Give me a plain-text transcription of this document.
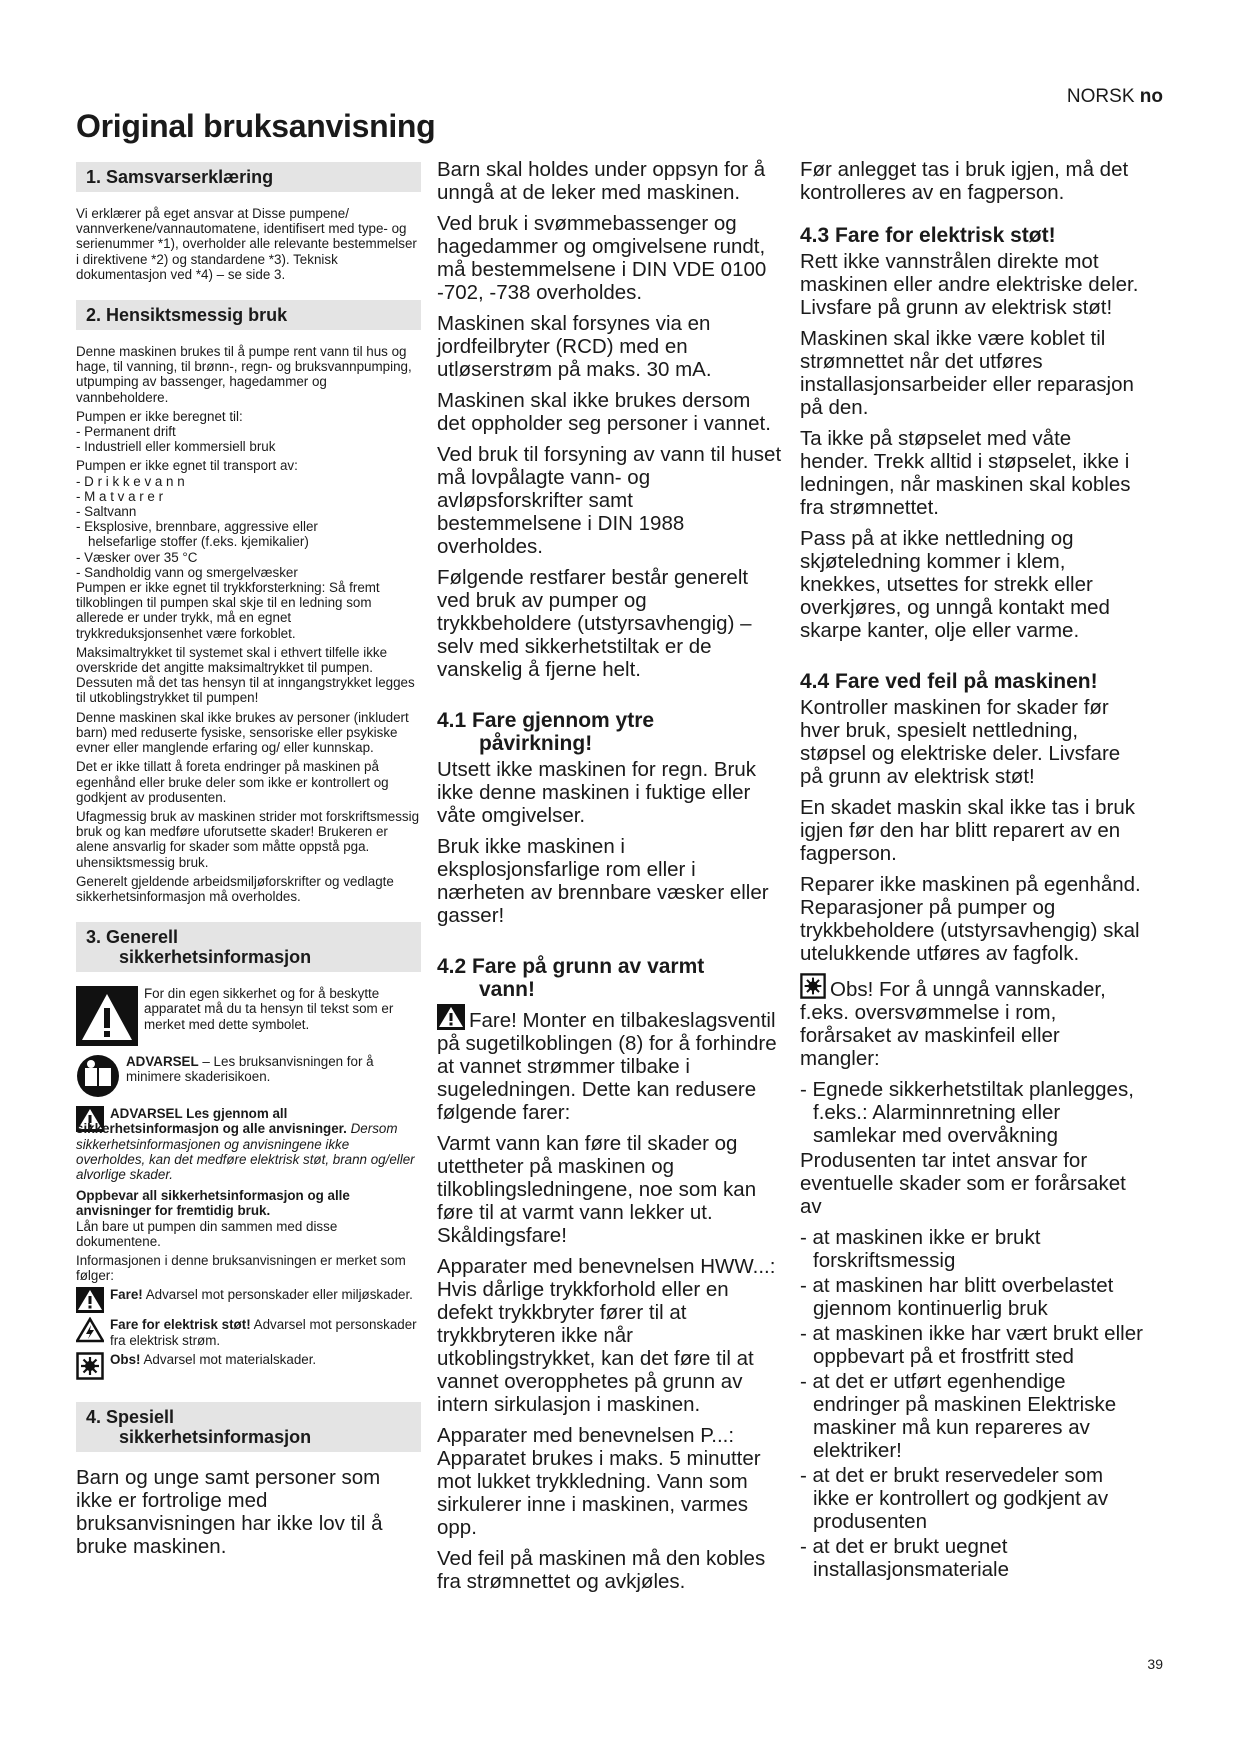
NORSK no
Original bruksanvisning
1. Samsvarserklæring

Vi erklærer på eget ansvar at Disse pumpene/ vannverkene/vannautomatene, identifisert med type- og serienummer *1), overholder alle relevante bestemmelser i direktivene *2) og standardene *3). Teknisk dokumentasjon ved *4) – se side 3.

2. Hensiktsmessig bruk

Denne maskinen brukes til å pumpe rent vann til hus og hage, til vanning, til brønn-, regn- og bruksvannpumping, utpumping av bassenger, hagedammer og vannbeholdere.

Pumpen er ikke beregnet til:

- Permanent drift

- Industriell eller kommersiell bruk

Pumpen er ikke egnet til transport av:

- D r i k k e v a n n

- M a t v a r e r

- Saltvann

- Eksplosive, brennbare, aggressive eller

helsefarlige stoffer (f.eks. kjemikalier)

- Væsker over 35 °C

- Sandholdig vann og smergelvæsker

Pumpen er ikke egnet til trykkforsterkning: Så fremt tilkoblingen til pumpen skal skje til en ledning som allerede er under trykk, må en egnet trykkreduksjonsenhet være forkoblet.

Maksimaltrykket til systemet skal i ethvert tilfelle ikke overskride det angitte maksimaltrykket til pumpen. Dessuten må det tas hensyn til at inngangstrykket legges til utkoblingstrykket til pumpen!

Denne maskinen skal ikke brukes av personer (inkludert barn) med reduserte fysiske, sensoriske eller psykiske evner eller manglende erfaring og/ eller kunnskap.

Det er ikke tillatt å foreta endringer på maskinen på egenhånd eller bruke deler som ikke er kontrollert og godkjent av produsenten.

Ufagmessig bruk av maskinen strider mot forskriftsmessig bruk og kan medføre uforutsette skader! Brukeren er alene ansvarlig for skader som måtte oppstå pga. uhensiktsmessig bruk.

Generelt gjeldende arbeidsmiljøforskrifter og vedlagte sikkerhetsinformasjon må overholdes.

3. Generell
sikkerhetsinformasjon
For din egen sikkerhet og for å beskytte apparatet må du ta hensyn til tekst som er merket med dette symbolet.
ADVARSEL – Les bruksanvisningen for å minimere skaderisikoen.
ADVARSEL Les gjennom all sikkerhetsinformasjon og alle anvisninger. Dersom sikkerhetsinformasjonen og anvisningene ikke overholdes, kan det medføre elektrisk støt, brann og/eller alvorlige skader.

Oppbevar all sikkerhetsinformasjon og alle anvisninger for fremtidig bruk.
Lån bare ut pumpen din sammen med disse dokumentene.

Informasjonen i denne bruksanvisningen er merket som følger:

Fare! Advarsel mot personskader eller miljøskader.
Fare for elektrisk støt! Advarsel mot personskader fra elektrisk strøm.
Obs! Advarsel mot materialskader.
4. Spesiell
sikkerhetsinformasjon

Barn og unge samt personer som ikke er fortrolige med bruksanvisningen har ikke lov til å bruke maskinen.

Barn skal holdes under oppsyn for å unngå at de leker med maskinen.

Ved bruk i svømmebassenger og hagedammer og omgivelsene rundt, må bestemmelsene i DIN VDE 0100 -702, -738 overholdes.

Maskinen skal forsynes via en jordfeilbryter (RCD) med en utløserstrøm på maks. 30 mA.

Maskinen skal ikke brukes dersom det oppholder seg personer i vannet.

Ved bruk til forsyning av vann til huset må lovpålagte vann- og avløpsforskrifter samt bestemmelsene i DIN 1988 overholdes.

Følgende restfarer består generelt ved bruk av pumper og trykkbeholdere (utstyrsavhengig) – selv med sikkerhetstiltak er de vanskelig å fjerne helt.

4.1 Fare gjennom ytre
påvirkning!

Utsett ikke maskinen for regn. Bruk ikke denne maskinen i fuktige eller våte omgivelser.

Bruk ikke maskinen i eksplosjonsfarlige rom eller i nærheten av brennbare væsker eller gasser!

4.2 Fare på grunn av varmt
vann!

Fare! Monter en tilbakeslagsventil på sugetilkoblingen (8) for å forhindre at vannet strømmer tilbake i sugeledningen. Dette kan redusere følgende farer:

Varmt vann kan føre til skader og utettheter på maskinen og tilkoblingsledningene, noe som kan føre til at varmt vann lekker ut. Skåldingsfare!

Apparater med benevnelsen HWW...: Hvis dårlige trykkforhold eller en defekt trykkbryter fører til at trykkbryteren ikke når utkoblingstrykket, kan det føre til at vannet overopphetes på grunn av intern sirkulasjon i maskinen.

Apparater med benevnelsen P...: Apparatet brukes i maks. 5 minutter mot lukket trykkledning. Vann som sirkulerer inne i maskinen, varmes opp.

Ved feil på maskinen må den kobles fra strømnettet og avkjøles.

Før anlegget tas i bruk igjen, må det kontrolleres av en fagperson.

4.3 Fare for elektrisk støt!

Rett ikke vannstrålen direkte mot maskinen eller andre elektriske deler. Livsfare på grunn av elektrisk støt!

Maskinen skal ikke være koblet til strømnettet når det utføres installasjonsarbeider eller reparasjon på den.

Ta ikke på støpselet med våte hender. Trekk alltid i støpselet, ikke i ledningen, når maskinen skal kobles fra strømnettet.

Pass på at ikke nettledning og skjøteledning kommer i klem, knekkes, utsettes for strekk eller overkjøres, og unngå kontakt med skarpe kanter, olje eller varme.

4.4 Fare ved feil på maskinen!

Kontroller maskinen for skader før hver bruk, spesielt nettledning, støpsel og elektriske deler. Livsfare på grunn av elektrisk støt!

En skadet maskin skal ikke tas i bruk igjen før den har blitt reparert av en fagperson.

Reparer ikke maskinen på egenhånd. Reparasjoner på pumper og trykkbeholdere (utstyrsavhengig) skal utelukkende utføres av fagfolk.

Obs! For å unngå vannskader, f.eks. oversvømmelse i rom, forårsaket av maskinfeil eller mangler:

- Egnede sikkerhetstiltak planlegges, f.eks.: Alarminnretning eller samlekar med overvåkning

Produsenten tar intet ansvar for eventuelle skader som er forårsaket av

- at maskinen ikke er brukt forskriftsmessig

- at maskinen har blitt overbelastet gjennom kontinuerlig bruk

- at maskinen ikke har vært brukt eller oppbevart på et frostfritt sted

- at det er utført egenhendige endringer på maskinen Elektriske maskiner må kun repareres av elektriker!

- at det er brukt reservedeler som ikke er kontrollert og godkjent av produsenten

- at det er brukt uegnet installasjonsmateriale

39
